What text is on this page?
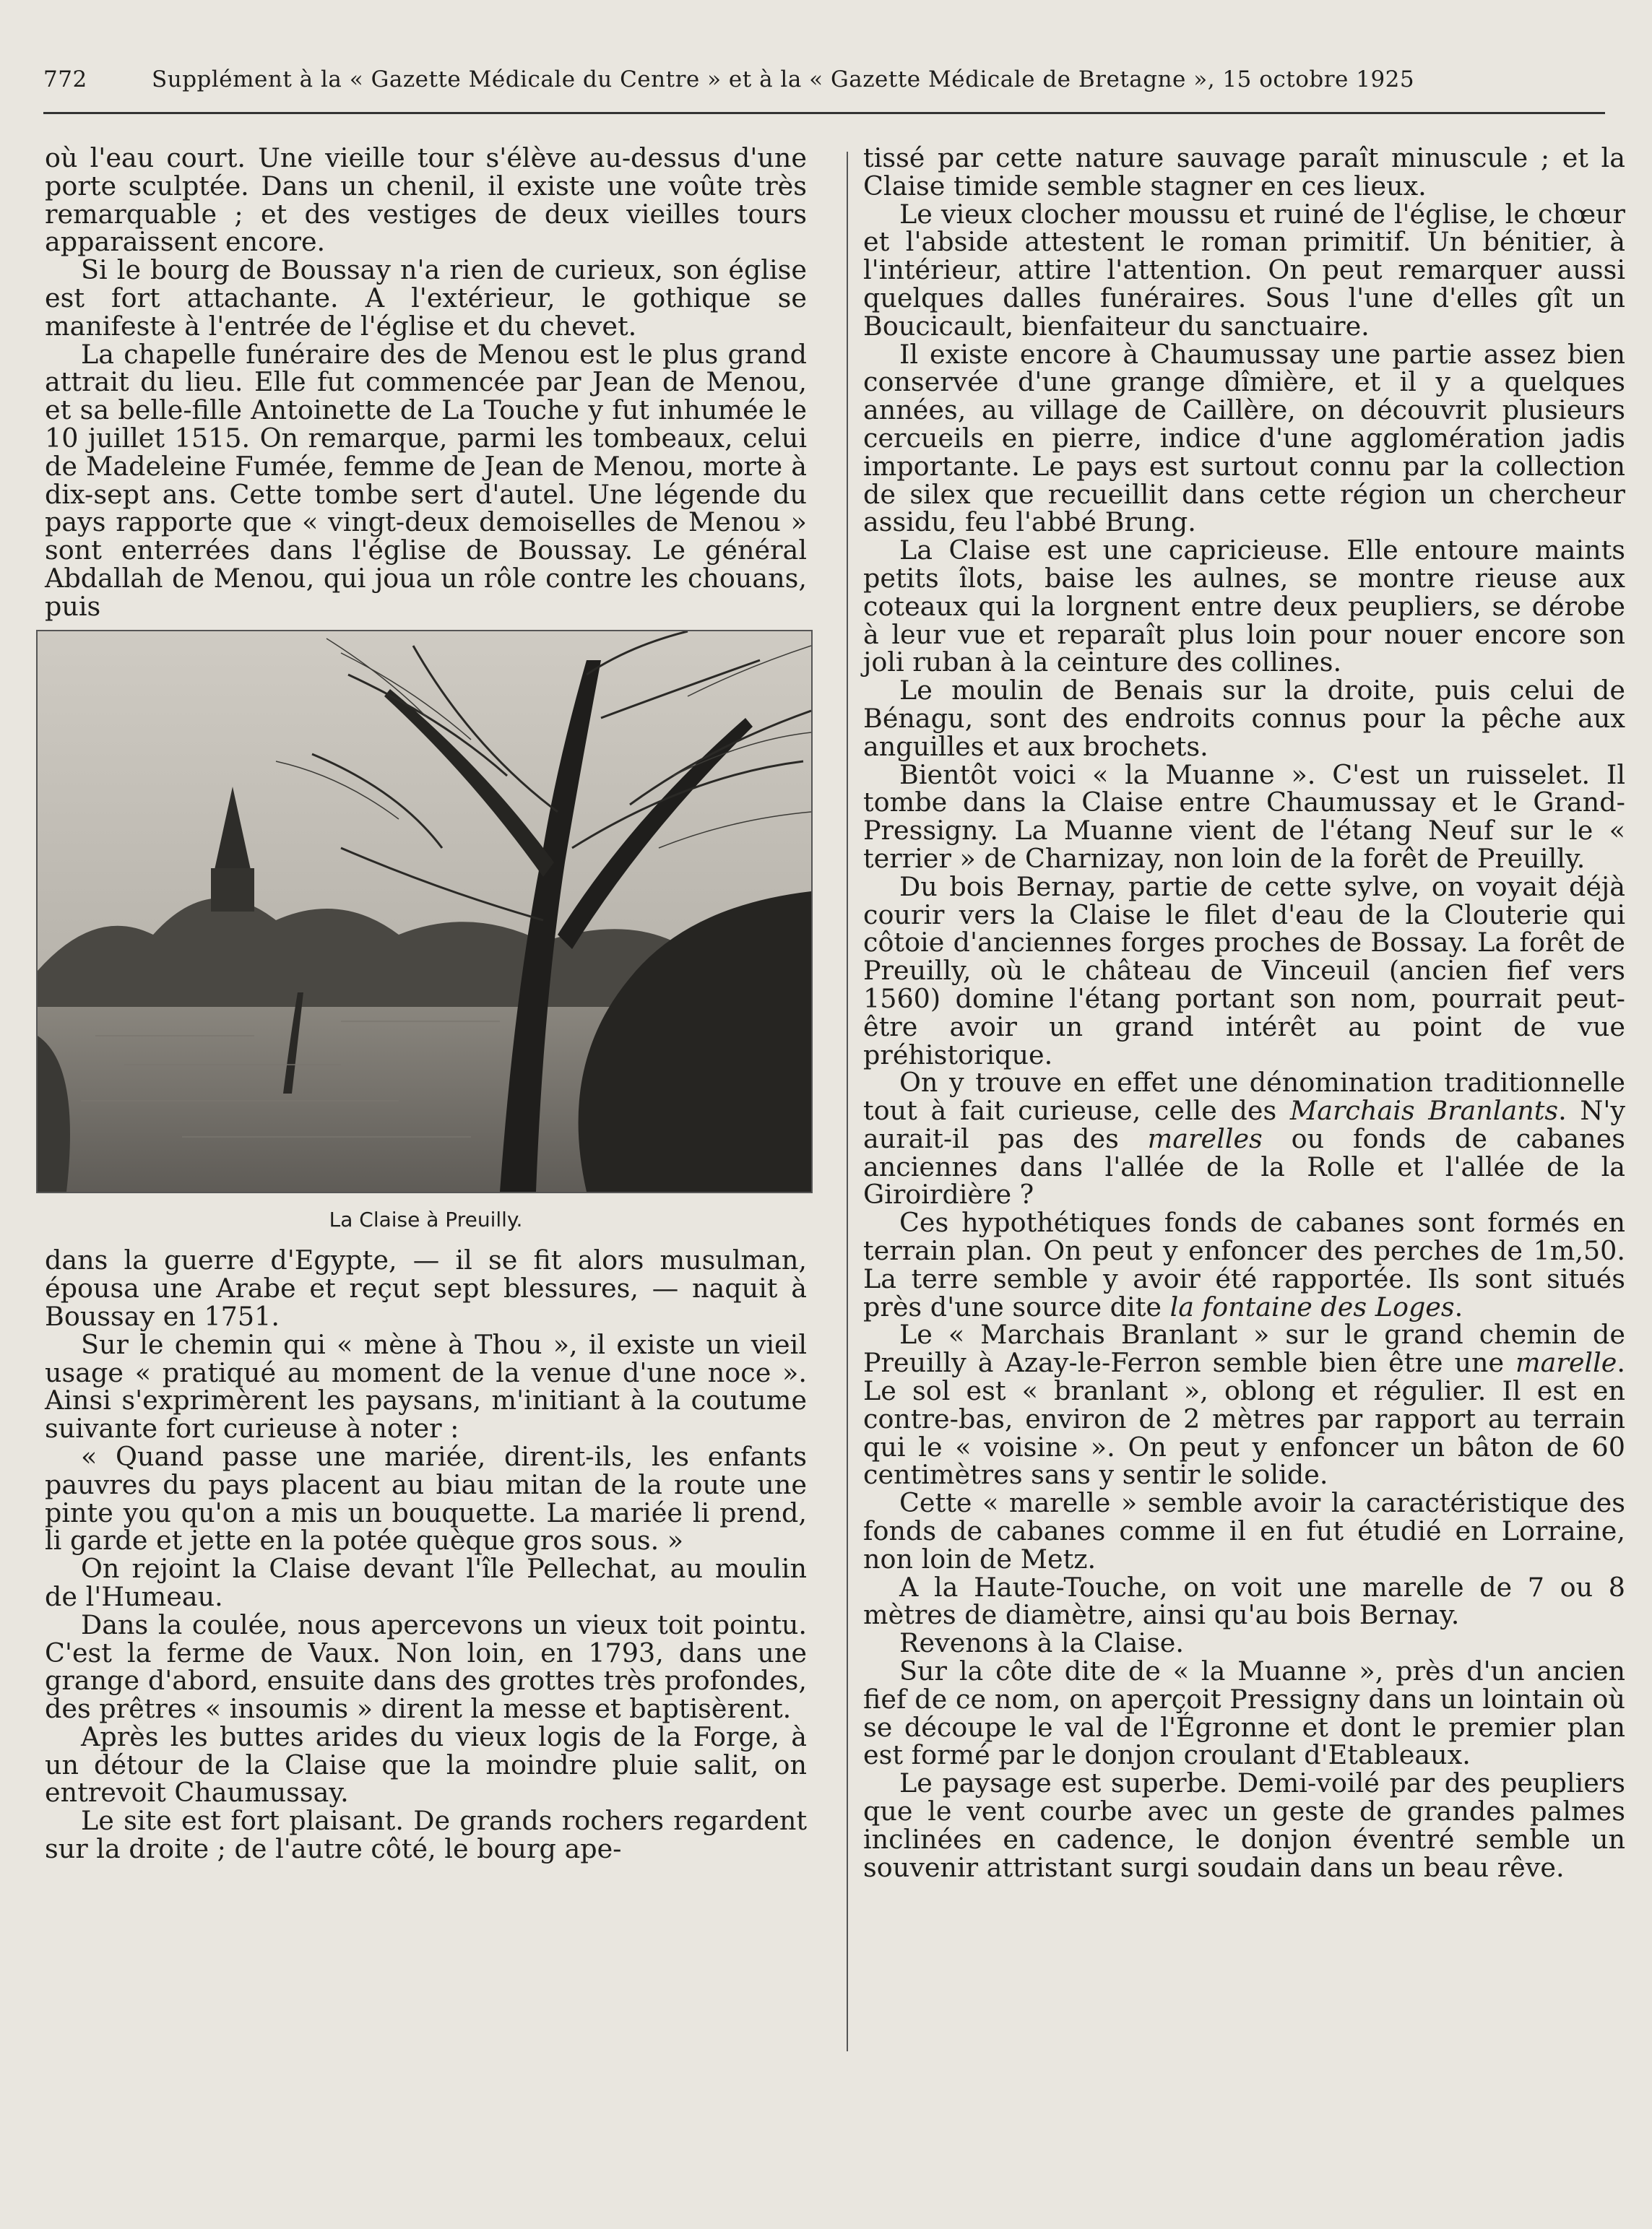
772	Supplément à la « Gazette Médicale du Centre » et à la « Gazette Médicale de Bretagne », 15 octobre 1925

où l'eau court. Une vieille tour s'élève au-dessus d'une porte sculptée. Dans un chenil, il existe une voûte très remarquable ; et des vestiges de deux vieilles tours apparaissent encore.

Si le bourg de Boussay n'a rien de curieux, son église est fort attachante. A l'extérieur, le gothique se manifeste à l'entrée de l'église et du chevet.

La chapelle funéraire des de Menou est le plus grand attrait du lieu. Elle fut commencée par Jean de Menou, et sa belle-fille Antoinette de La Touche y fut inhumée le 10 juillet 1515. On remarque, parmi les tombeaux, celui de Madeleine Fumée, femme de Jean de Menou, morte à dix-sept ans. Cette tombe sert d'autel. Une légende du pays rapporte que « vingt-deux demoiselles de Menou » sont enterrées dans l'église de Boussay. Le général Abdallah de Menou, qui joua un rôle contre les chouans, puis

La Claise à Preuilly.

dans la guerre d'Egypte, — il se fit alors musulman, épousa une Arabe et reçut sept blessures, — naquit à Boussay en 1751.

Sur le chemin qui « mène à Thou », il existe un vieil usage « pratiqué au moment de la venue d'une noce ». Ainsi s'exprimèrent les paysans, m'initiant à la coutume suivante fort curieuse à noter :

« Quand passe une mariée, dirent-ils, les enfants pauvres du pays placent au biau mitan de la route une pinte you qu'on a mis un bouquette. La mariée li prend, li garde et jette en la potée quèque gros sous. »

On rejoint la Claise devant l'île Pellechat, au moulin de l'Humeau.

Dans la coulée, nous apercevons un vieux toit pointu. C'est la ferme de Vaux. Non loin, en 1793, dans une grange d'abord, ensuite dans des grottes très profondes, des prêtres « insoumis » dirent la messe et baptisèrent.

Après les buttes arides du vieux logis de la Forge, à un détour de la Claise que la moindre pluie salit, on entrevoit Chaumussay.

Le site est fort plaisant. De grands rochers regardent sur la droite ; de l'autre côté, le bourg ape-

tissé par cette nature sauvage paraît minuscule ; et la Claise timide semble stagner en ces lieux.

Le vieux clocher moussu et ruiné de l'église, le chœur et l'abside attestent le roman primitif. Un bénitier, à l'intérieur, attire l'attention. On peut remarquer aussi quelques dalles funéraires. Sous l'une d'elles gît un Boucicault, bienfaiteur du sanctuaire.

Il existe encore à Chaumussay une partie assez bien conservée d'une grange dîmière, et il y a quelques années, au village de Caillère, on découvrit plusieurs cercueils en pierre, indice d'une agglomération jadis importante. Le pays est surtout connu par la collection de silex que recueillit dans cette région un chercheur assidu, feu l'abbé Brung.

La Claise est une capricieuse. Elle entoure maints petits îlots, baise les aulnes, se montre rieuse aux coteaux qui la lorgnent entre deux peupliers, se dérobe à leur vue et reparaît plus loin pour nouer encore son joli ruban à la ceinture des collines.

Le moulin de Benais sur la droite, puis celui de Bénagu, sont des endroits connus pour la pêche aux anguilles et aux brochets.

Bientôt voici « la Muanne ». C'est un ruisselet. Il tombe dans la Claise entre Chaumussay et le Grand-Pressigny. La Muanne vient de l'étang Neuf sur le « terrier » de Charnizay, non loin de la forêt de Preuilly.

Du bois Bernay, partie de cette sylve, on voyait déjà courir vers la Claise le filet d'eau de la Clouterie qui côtoie d'anciennes forges proches de Bossay. La forêt de Preuilly, où le château de Vinceuil (ancien fief vers 1560) domine l'étang portant son nom, pourrait peut-être avoir un grand intérêt au point de vue préhistorique.

On y trouve en effet une dénomination traditionnelle tout à fait curieuse, celle des Marchais Branlants. N'y aurait-il pas des marelles ou fonds de cabanes anciennes dans l'allée de la Rolle et l'allée de la Giroirdière ?

Ces hypothétiques fonds de cabanes sont formés en terrain plan. On peut y enfoncer des perches de 1m,50. La terre semble y avoir été rapportée. Ils sont situés près d'une source dite la fontaine des Loges.

Le « Marchais Branlant » sur le grand chemin de Preuilly à Azay-le-Ferron semble bien être une marelle. Le sol est « branlant », oblong et régulier. Il est en contre-bas, environ de 2 mètres par rapport au terrain qui le « voisine ». On peut y enfoncer un bâton de 60 centimètres sans y sentir le solide.

Cette « marelle » semble avoir la caractéristique des fonds de cabanes comme il en fut étudié en Lorraine, non loin de Metz.

A la Haute-Touche, on voit une marelle de 7 ou 8 mètres de diamètre, ainsi qu'au bois Bernay.

Revenons à la Claise.

Sur la côte dite de « la Muanne », près d'un ancien fief de ce nom, on aperçoit Pressigny dans un lointain où se découpe le val de l'Égronne et dont le premier plan est formé par le donjon croulant d'Etableaux.

Le paysage est superbe. Demi-voilé par des peupliers que le vent courbe avec un geste de grandes palmes inclinées en cadence, le donjon éventré semble un souvenir attristant surgi soudain dans un beau rêve.
